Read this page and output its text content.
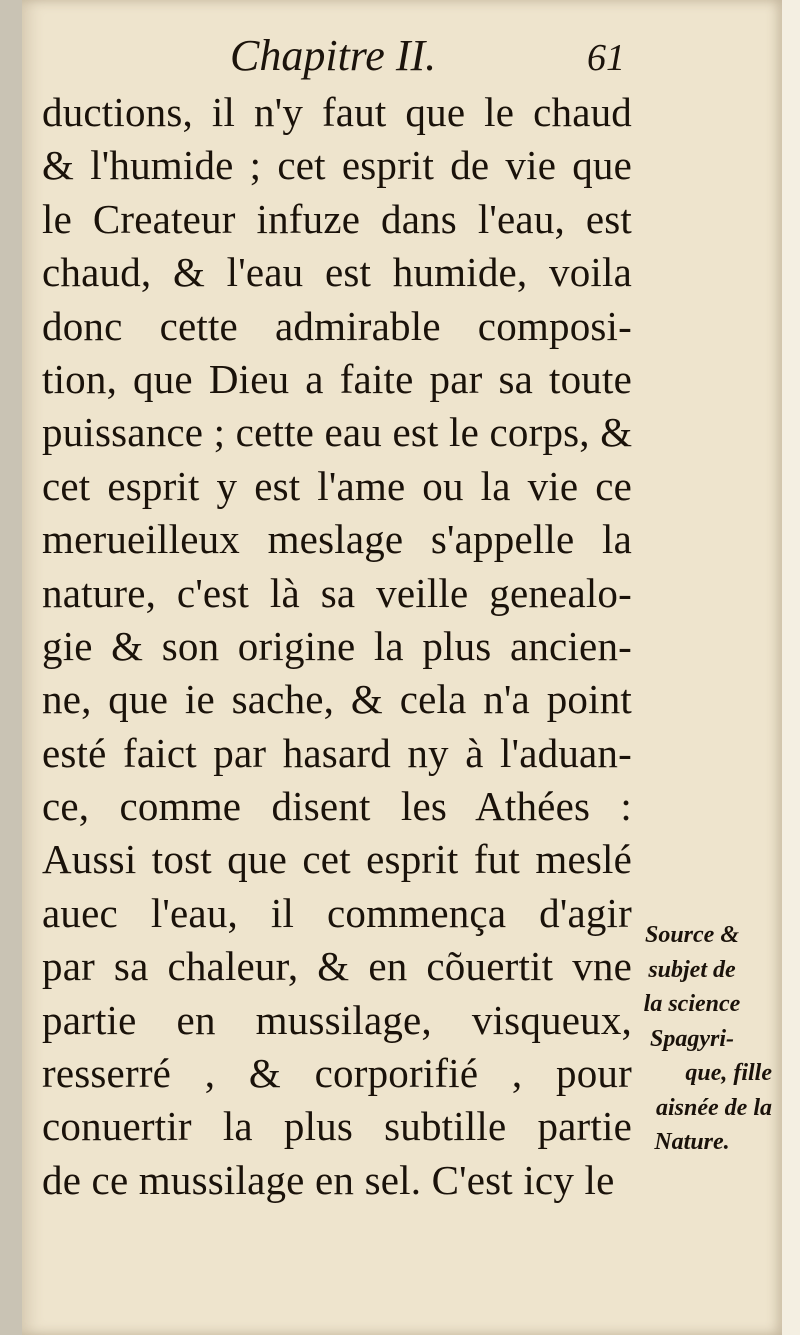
Chapitre II.	61
ductions, il n'y faut que le chaud
& l'humide ; cet esprit de vie que
le Createur infuze dans l'eau, est
chaud, & l'eau est humide, voila
donc cette admirable composi-
tion, que Dieu a faite par sa toute
puissance ; cette eau est le corps, &
cet esprit y est l'ame ou la vie ce
merueilleux meslage s'appelle la
nature, c'est là sa veille genealo-
gie & son origine la plus ancien-
ne, que ie sache, & cela n'a point
esté faict par hasard ny à l'aduan-
ce, comme disent les Athées :
Aussi tost que cet esprit fut meslé
auec l'eau, il commença d'agir
par sa chaleur, & en cõuertit vne
partie en mussilage, visqueux,
resserré , & corporifié , pour
conuertir la plus subtille partie
de ce mussilage en sel. C'est icy le
Source &
subjet de
la science
Spagyri-
que, fille
aisnée de la
Nature.
